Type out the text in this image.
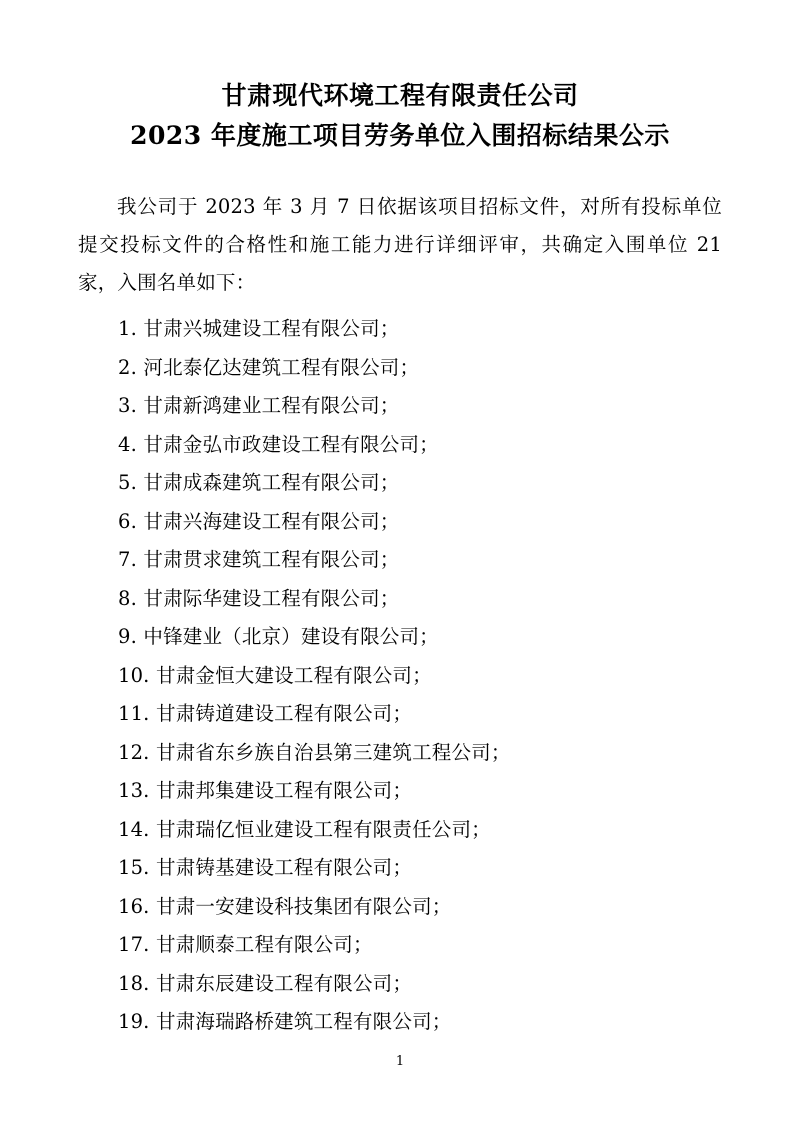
甘肃现代环境工程有限责任公司
2023 年度施工项目劳务单位入围招标结果公示

我公司于 2023 年 3 月 7 日依据该项目招标文件，对所有投标单位提交投标文件的合格性和施工能力进行详细评审，共确定入围单位 21 家，入围名单如下：

1. 甘肃兴城建设工程有限公司；
2. 河北泰亿达建筑工程有限公司；
3. 甘肃新鸿建业工程有限公司；
4. 甘肃金弘市政建设工程有限公司；
5. 甘肃成森建筑工程有限公司；
6. 甘肃兴海建设工程有限公司；
7. 甘肃贯求建筑工程有限公司；
8. 甘肃际华建设工程有限公司；
9. 中锋建业（北京）建设有限公司；
10. 甘肃金恒大建设工程有限公司；
11. 甘肃铸道建设工程有限公司；
12. 甘肃省东乡族自治县第三建筑工程公司；
13. 甘肃邦集建设工程有限公司；
14. 甘肃瑞亿恒业建设工程有限责任公司；
15. 甘肃铸基建设工程有限公司；
16. 甘肃一安建设科技集团有限公司；
17. 甘肃顺泰工程有限公司；
18. 甘肃东辰建设工程有限公司；
19. 甘肃海瑞路桥建筑工程有限公司；
1
